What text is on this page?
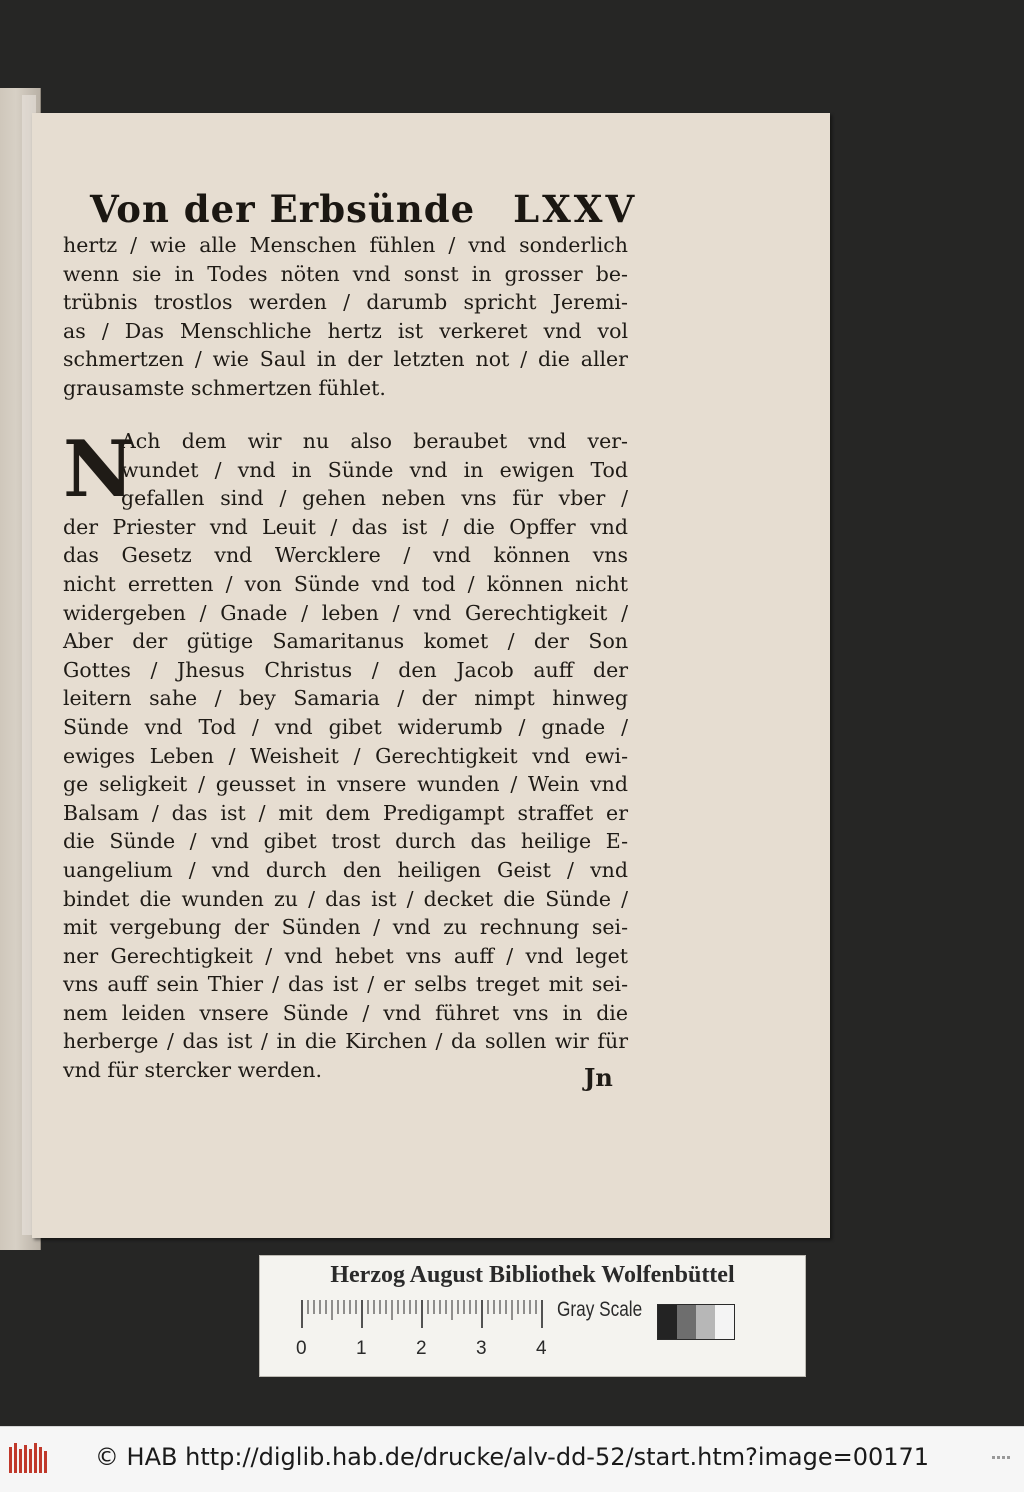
Von der Erbsünde LXXV
hertz / wie alle Menschen fühlen / vnd sonderlich
wenn sie in Todes nöten vnd sonst in grosser be-
trübnis trostlos werden / darumb spricht Jeremi-
as / Das Menschliche hertz ist verkeret vnd vol
schmertzen / wie Saul in der letzten not / die aller
grausamste schmertzen fühlet.
N
Ach dem wir nu also beraubet vnd ver-
wundet / vnd in Sünde vnd in ewigen Tod
gefallen sind / gehen neben vns für vber /
der Priester vnd Leuit / das ist / die Opffer vnd
das Gesetz vnd Wercklere / vnd können vns
nicht erretten / von Sünde vnd tod / können nicht
widergeben / Gnade / leben / vnd Gerechtigkeit /
Aber der gütige Samaritanus komet / der Son
Gottes / Jhesus Christus / den Jacob auff der
leitern sahe / bey Samaria / der nimpt hinweg
Sünde vnd Tod / vnd gibet widerumb / gnade /
ewiges Leben / Weisheit / Gerechtigkeit vnd ewi-
ge seligkeit / geusset in vnsere wunden / Wein vnd
Balsam / das ist / mit dem Predigampt straffet er
die Sünde / vnd gibet trost durch das heilige E-
uangelium / vnd durch den heiligen Geist / vnd
bindet die wunden zu / das ist / decket die Sünde /
mit vergebung der Sünden / vnd zu rechnung sei-
ner Gerechtigkeit / vnd hebet vns auff / vnd leget
vns auff sein Thier / das ist / er selbs treget mit sei-
nem leiden vnsere Sünde / vnd führet vns in die
herberge / das ist / in die Kirchen / da sollen wir für
vnd für stercker werden.	Jn
Herzog August Bibliothek Wolfenbüttel
0	1	2	3	4
Gray Scale
© HAB http://diglib.hab.de/drucke/alv-dd-52/start.htm?image=00171
